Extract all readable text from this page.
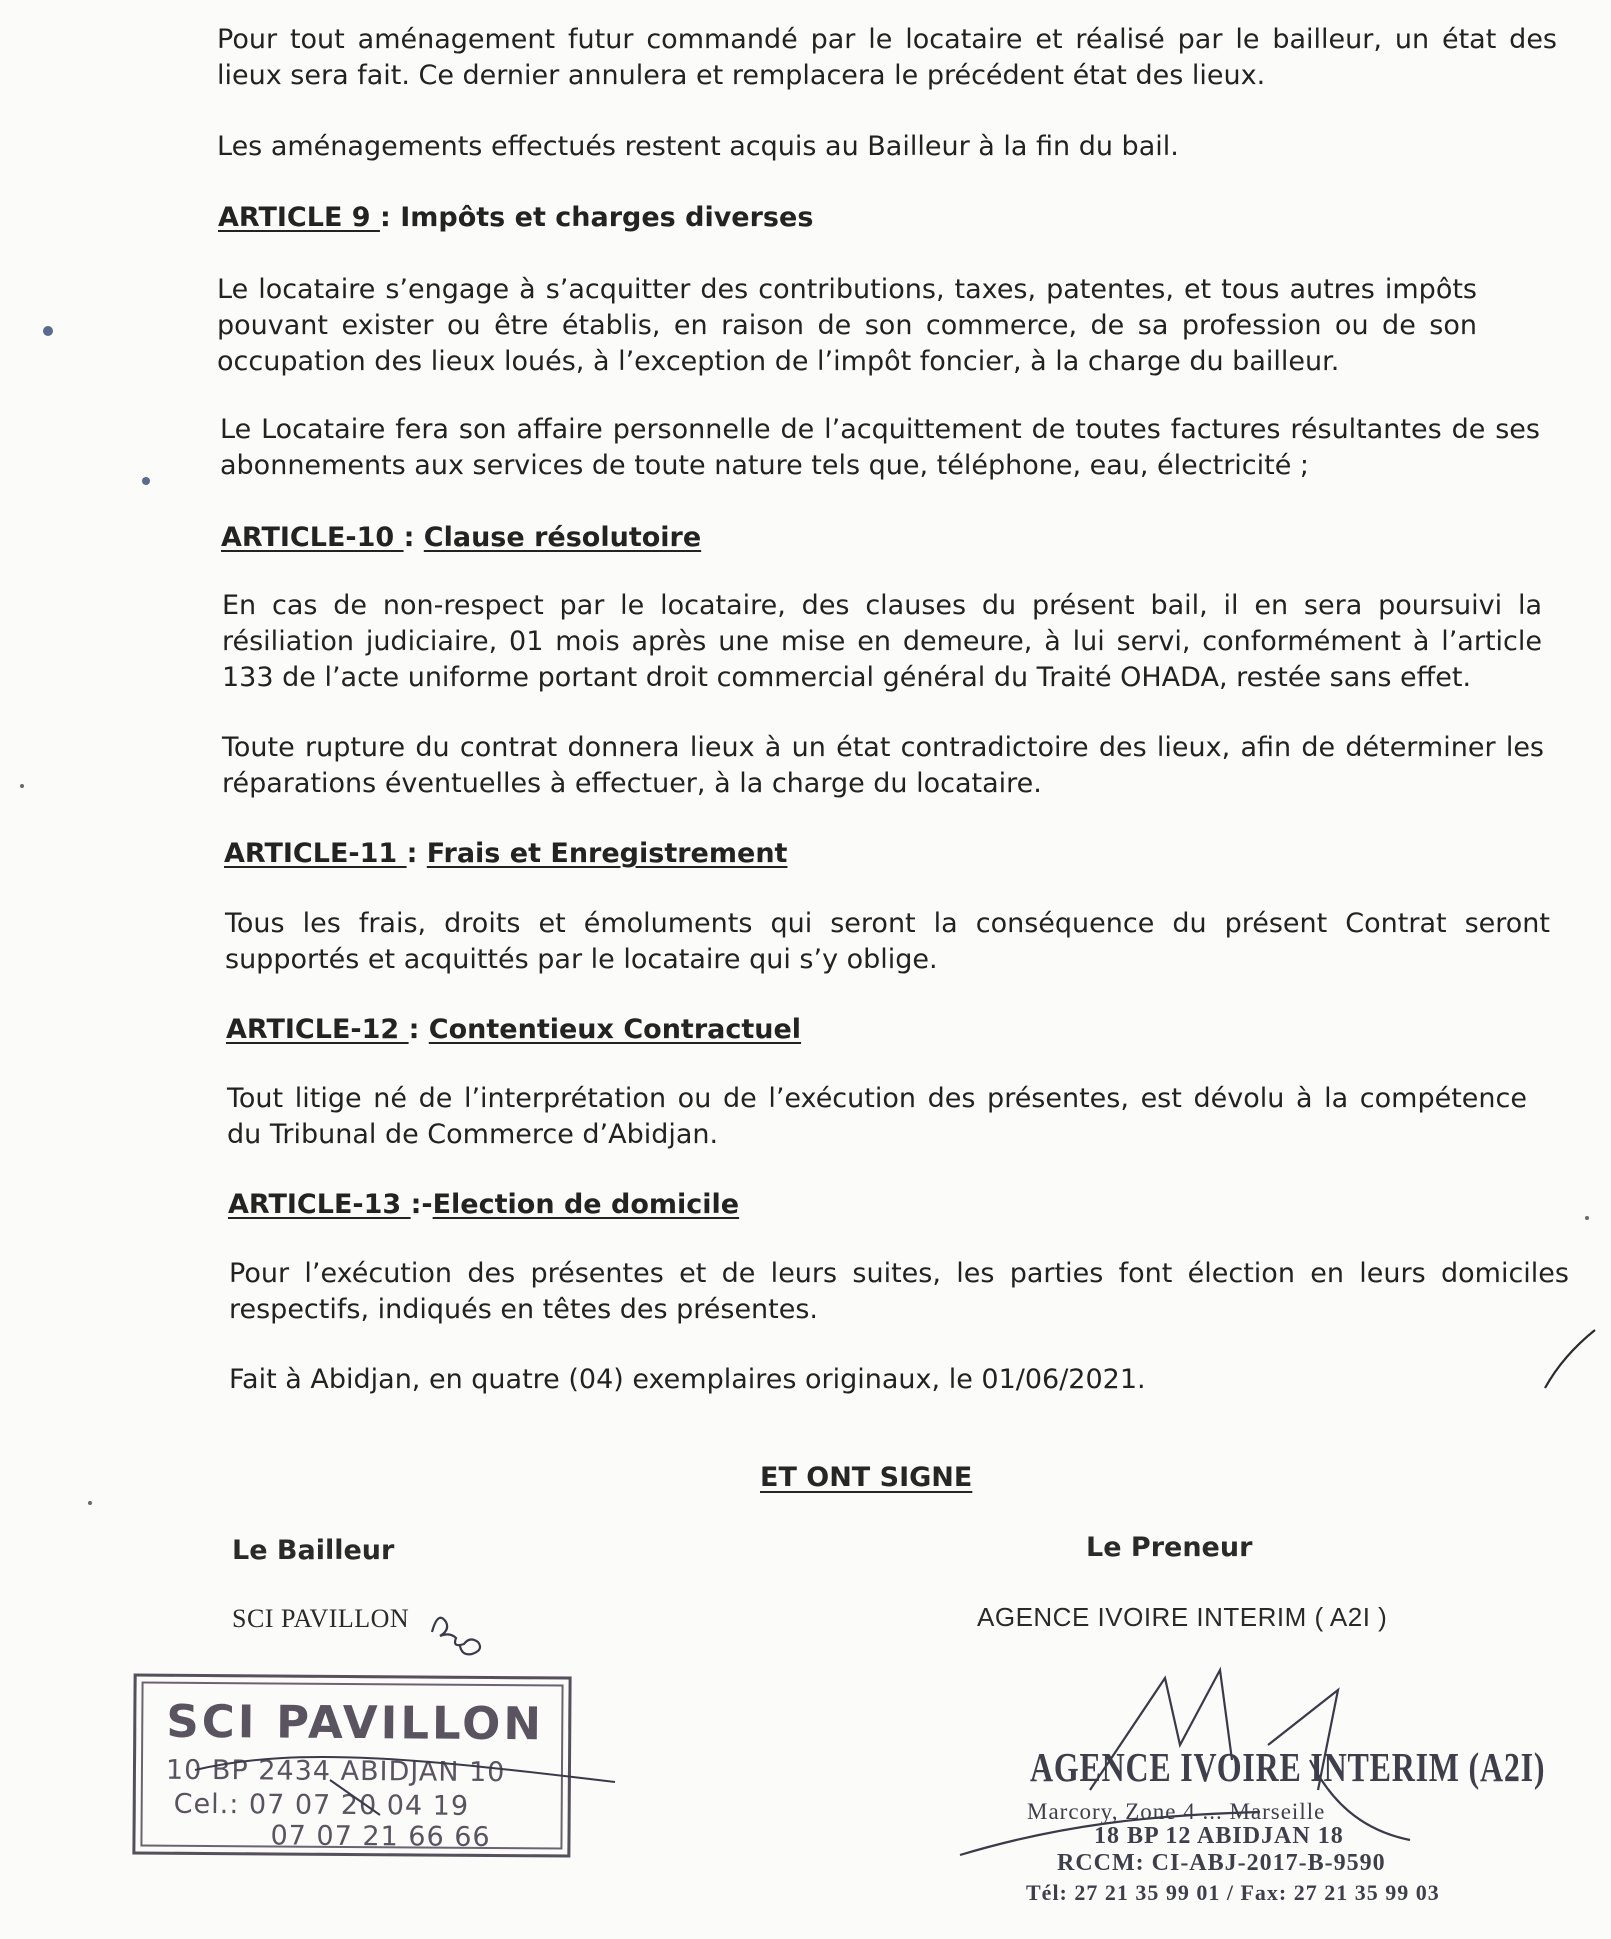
Pour tout aménagement futur commandé par le locataire et réalisé par le bailleur, un état des lieux sera fait. Ce dernier annulera et remplacera le précédent état des lieux.
Les aménagements effectués restent acquis au Bailleur à la fin du bail.
ARTICLE 9 : Impôts et charges diverses
Le locataire s’engage à s’acquitter des contributions, taxes, patentes, et tous autres impôts pouvant exister ou être établis, en raison de son commerce, de sa profession ou de son occupation des lieux loués, à l’exception de l’impôt foncier, à la charge du bailleur.
Le Locataire fera son affaire personnelle de l’acquittement de toutes factures résultantes de ses abonnements aux services de toute nature tels que, téléphone, eau, électricité ;
ARTICLE-10 : Clause résolutoire
En cas de non-respect par le locataire, des clauses du présent bail, il en sera poursuivi la résiliation judiciaire, 01 mois après une mise en demeure, à lui servi, conformément à l’article 133 de l’acte uniforme portant droit commercial général du Traité OHADA, restée sans effet.
Toute rupture du contrat donnera lieux à un état contradictoire des lieux, afin de déterminer les réparations éventuelles à effectuer, à la charge du locataire.
ARTICLE-11 : Frais et Enregistrement
Tous les frais, droits et émoluments qui seront la conséquence du présent Contrat seront supportés et acquittés par le locataire qui s’y oblige.
ARTICLE-12 : Contentieux Contractuel
Tout litige né de l’interprétation ou de l’exécution des présentes, est dévolu à la compétence du Tribunal de Commerce d’Abidjan.
ARTICLE-13 :-Election de domicile
Pour l’exécution des présentes et de leurs suites, les parties font élection en leurs domiciles respectifs, indiqués en têtes des présentes.
Fait à Abidjan, en quatre (04) exemplaires originaux, le 01/06/2021.
ET ONT SIGNE
Le Bailleur	Le Preneur
SCI PAVILLON	AGENCE IVOIRE INTERIM ( A2I )
SCI PAVILLON
10 BP 2434 ABIDJAN 10
Cel.: 07 07 20 04 19
07 07 21 66 66
AGENCE IVOIRE INTERIM (A2I)
Marcory, Zone 4 ... Marseille
18 BP 12 ABIDJAN 18
RCCM: CI-ABJ-2017-B-9590
Tél: 27 21 35 99 01 / Fax: 27 21 35 99 03
